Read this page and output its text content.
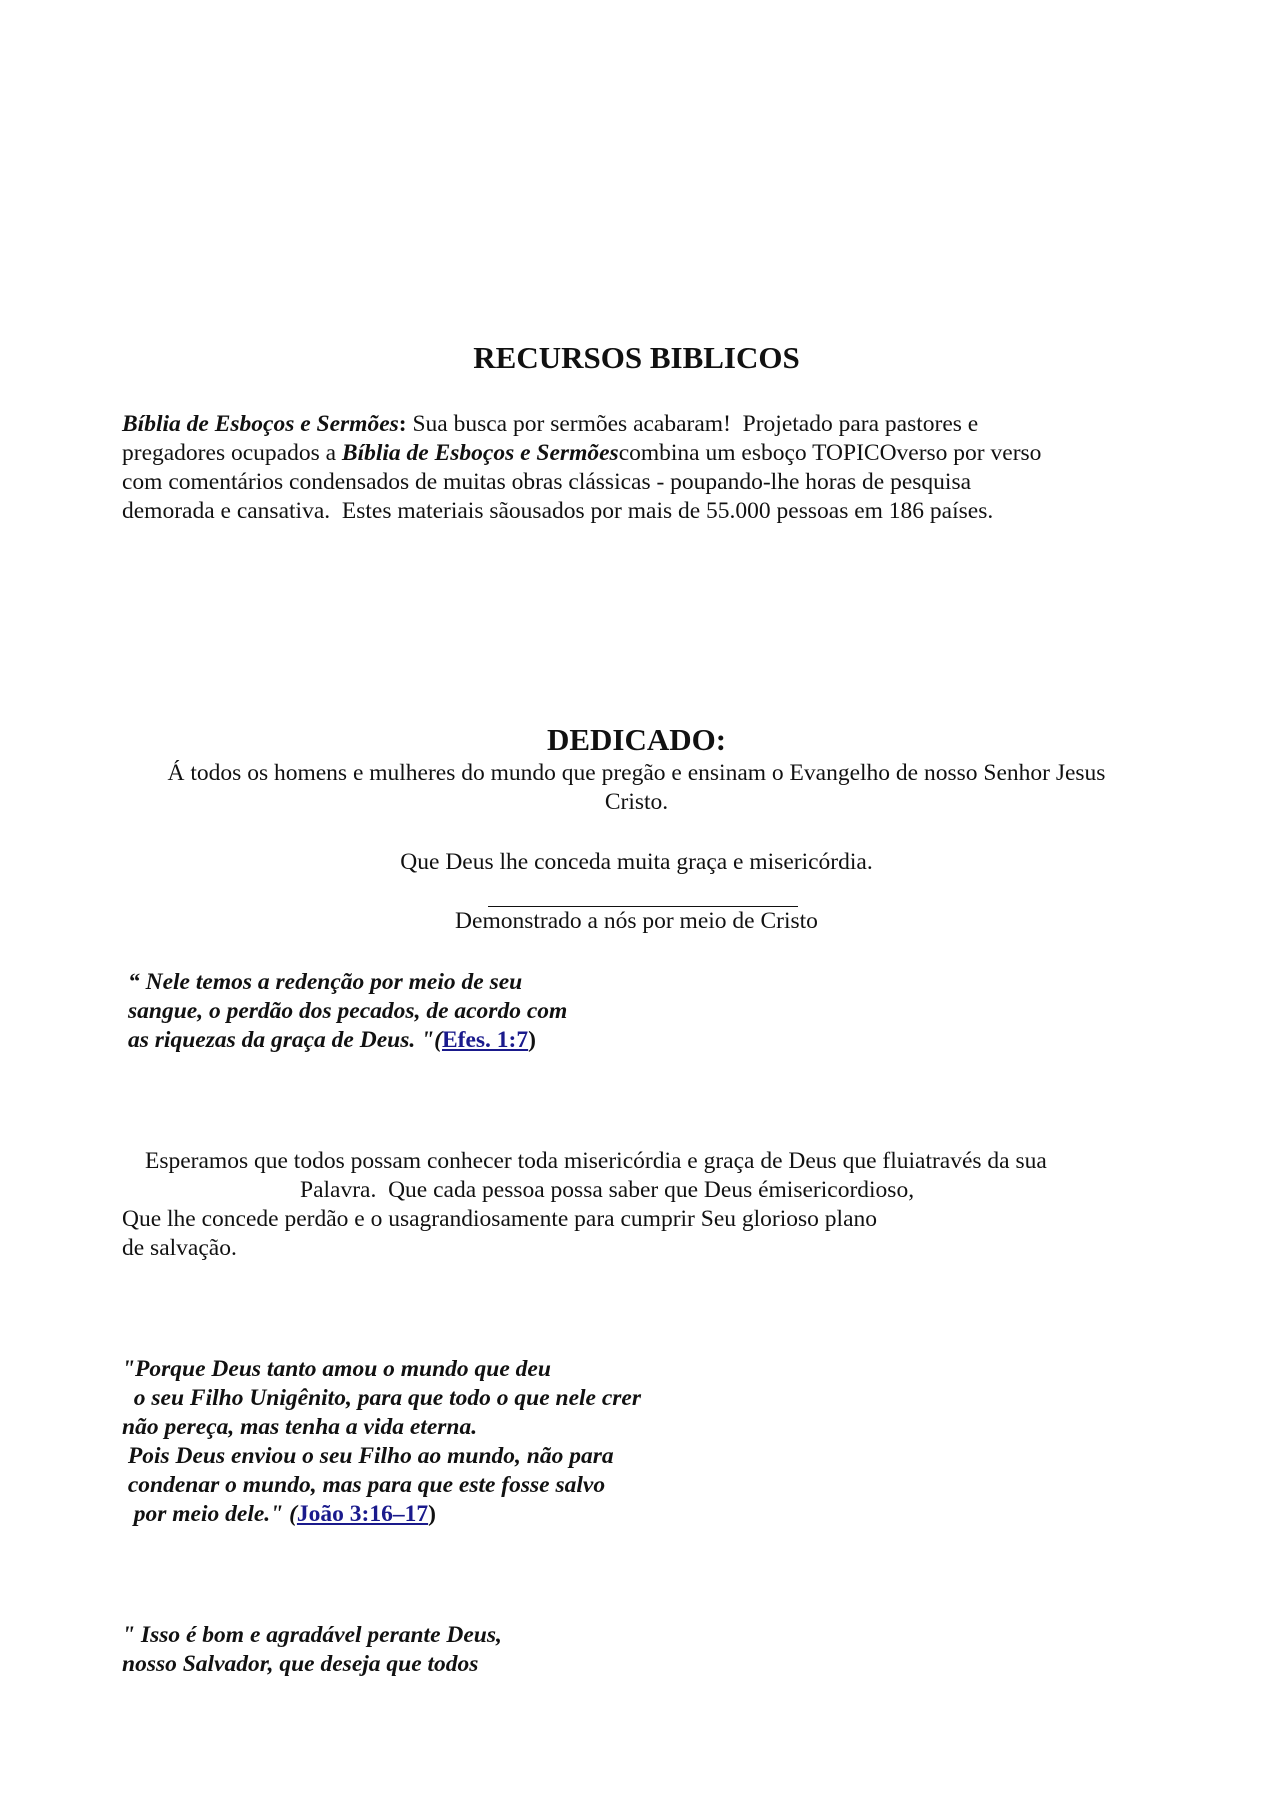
RECURSOS BIBLICOS
Bíblia de Esboços e Sermões: Sua busca por sermões acabaram!  Projetado para pastores e
pregadores ocupados a Bíblia de Esboços e Sermõescombina um esboço TOPICOverso por verso
com comentários condensados de muitas obras clássicas - poupando-lhe horas de pesquisa
demorada e cansativa.  Estes materiais sãousados por mais de 55.000 pessoas em 186 países.
DEDICADO:
Á todos os homens e mulheres do mundo que pregão e ensinam o Evangelho de nosso Senhor Jesus
Cristo.
Que Deus lhe conceda muita graça e misericórdia.
Demonstrado a nós por meio de Cristo
“ Nele temos a redenção por meio de seu
sangue, o perdão dos pecados, de acordo com
as riquezas da graça de Deus. "(Efes. 1:7)
Esperamos que todos possam conhecer toda misericórdia e graça de Deus que fluiatravés da sua
Palavra.  Que cada pessoa possa saber que Deus émisericordioso,
Que lhe concede perdão e o usagrandiosamente para cumprir Seu glorioso plano
de salvação.
"Porque Deus tanto amou o mundo que deu
o seu Filho Unigênito, para que todo o que nele crer
não pereça, mas tenha a vida eterna.
Pois Deus enviou o seu Filho ao mundo, não para
condenar o mundo, mas para que este fosse salvo
por meio dele." (João 3:16–17)
" Isso é bom e agradável perante Deus,
nosso Salvador, que deseja que todos
